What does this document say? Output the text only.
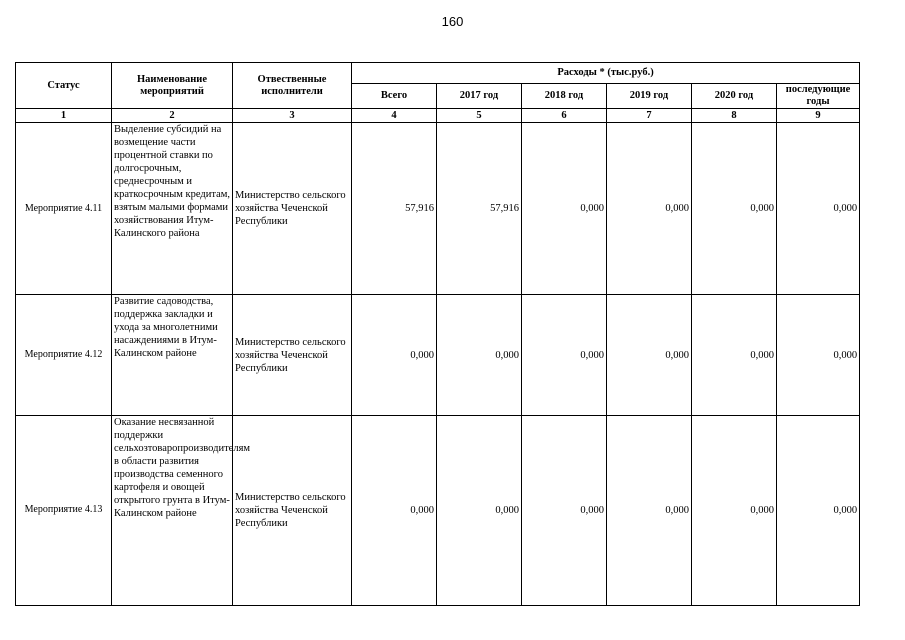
160
Статус	Наименование мероприятий	Отвественные исполнители	Расходы * (тыс.руб.)					
			Всего	2017 год	2018 год	2019 год	2020 год	последующие годы
1	2	3	4	5	6	7	8	9
Мероприятие 4.11	Выделение субсидий на возмещение части процентной ставки по долгосрочным, среднесрочным и краткосрочным кредитам, взятым малыми формами хозяйствования Итум-Калинского района	Министерство сельского хозяйства Чеченской Республики	57,916	57,916	0,000	0,000	0,000	0,000
Мероприятие 4.12	Развитие садоводства, поддержка закладки и ухода за многолетними насаждениями в Итум-Калинском районе	Министерство сельского хозяйства Чеченской Республики	0,000	0,000	0,000	0,000	0,000	0,000
Мероприятие 4.13	Оказание несвязанной поддержки сельхозтоваропроизводителям в области развития производства семенного картофеля и овощей открытого грунта в Итум-Калинском районе	Министерство сельского хозяйства Чеченской Республики	0,000	0,000	0,000	0,000	0,000	0,000
